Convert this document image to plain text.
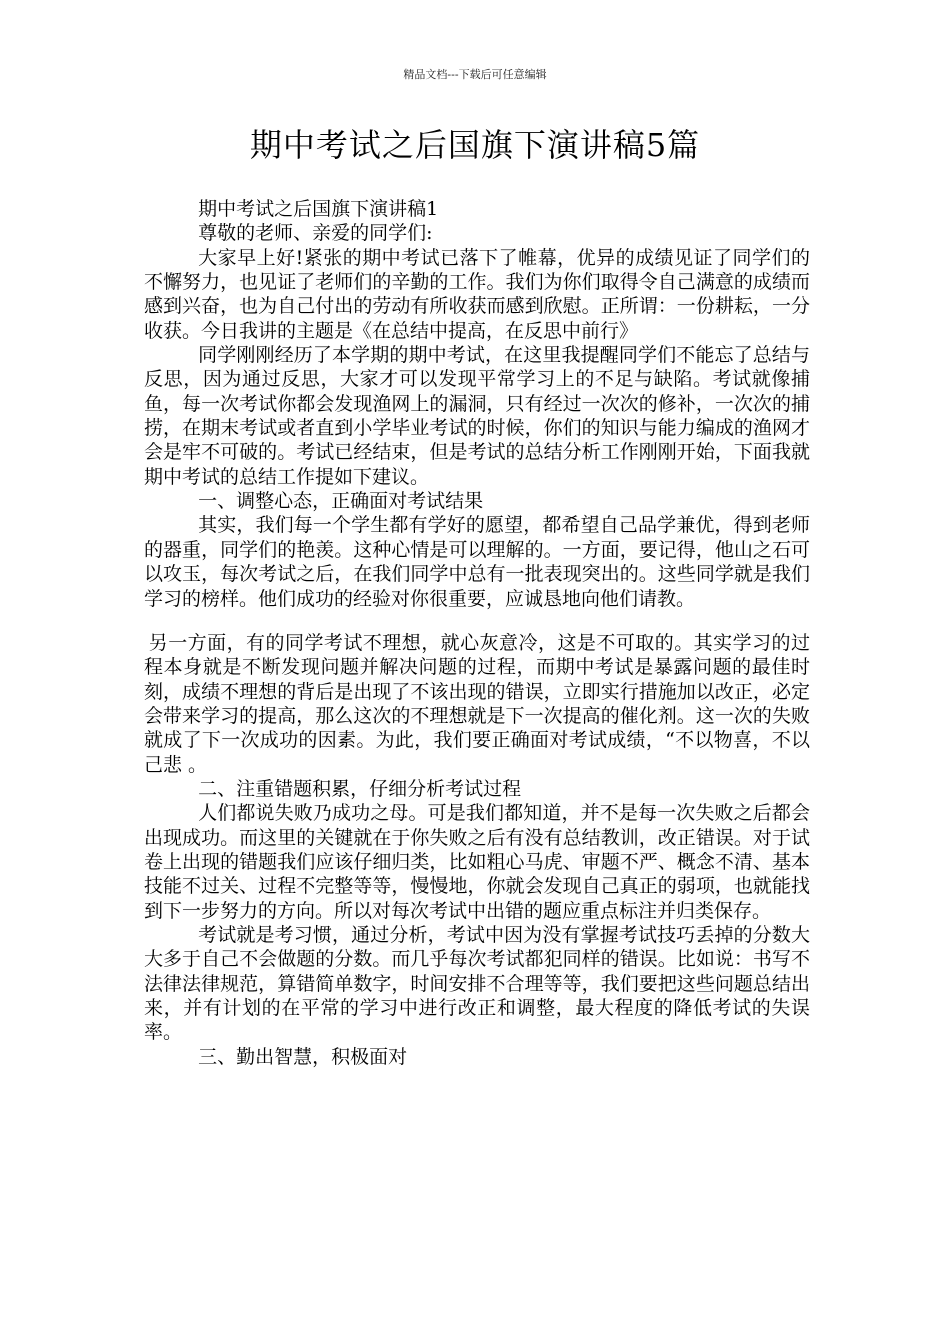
精品文档---下载后可任意编辑
期中考试之后国旗下演讲稿5篇

期中考试之后国旗下演讲稿1

尊敬的老师、亲爱的同学们:

大家早上好!紧张的期中考试已落下了帷幕，优异的成绩见证了同学们的不懈努力，也见证了老师们的辛勤的工作。我们为你们取得令自己满意的成绩而感到兴奋，也为自己付出的劳动有所收获而感到欣慰。正所谓：一份耕耘，一分收获。今日我讲的主题是《在总结中提高，在反思中前行》

同学刚刚经历了本学期的期中考试，在这里我提醒同学们不能忘了总结与反思，因为通过反思，大家才可以发现平常学习上的不足与缺陷。考试就像捕鱼，每一次考试你都会发现渔网上的漏洞，只有经过一次次的修补，一次次的捕捞，在期末考试或者直到小学毕业考试的时候，你们的知识与能力编成的渔网才会是牢不可破的。考试已经结束，但是考试的总结分析工作刚刚开始，下面我就期中考试的总结工作提如下建议。

一、调整心态，正确面对考试结果

其实，我们每一个学生都有学好的愿望，都希望自己品学兼优，得到老师的器重，同学们的艳羡。这种心情是可以理解的。一方面，要记得，他山之石可以攻玉，每次考试之后，在我们同学中总有一批表现突出的。这些同学就是我们学习的榜样。他们成功的经验对你很重要，应诚恳地向他们请教。

另一方面，有的同学考试不理想，就心灰意冷，这是不可取的。其实学习的过程本身就是不断发现问题并解决问题的过程，而期中考试是暴露问题的最佳时刻，成绩不理想的背后是出现了不该出现的错误，立即实行措施加以改正，必定会带来学习的提高，那么这次的不理想就是下一次提高的催化剂。这一次的失败就成了下一次成功的因素。为此，我们要正确面对考试成绩，“不以物喜，不以己悲 。

二、注重错题积累，仔细分析考试过程

人们都说失败乃成功之母。可是我们都知道，并不是每一次失败之后都会出现成功。而这里的关键就在于你失败之后有没有总结教训，改正错误。对于试卷上出现的错题我们应该仔细归类，比如粗心马虎、审题不严、概念不清、基本技能不过关、过程不完整等等，慢慢地，你就会发现自己真正的弱项，也就能找到下一步努力的方向。所以对每次考试中出错的题应重点标注并归类保存。

考试就是考习惯，通过分析，考试中因为没有掌握考试技巧丢掉的分数大大多于自己不会做题的分数。而几乎每次考试都犯同样的错误。比如说：书写不法律法律规范，算错简单数字，时间安排不合理等等，我们要把这些问题总结出来，并有计划的在平常的学习中进行改正和调整，最大程度的降低考试的失误率。

三、勤出智慧，积极面对
